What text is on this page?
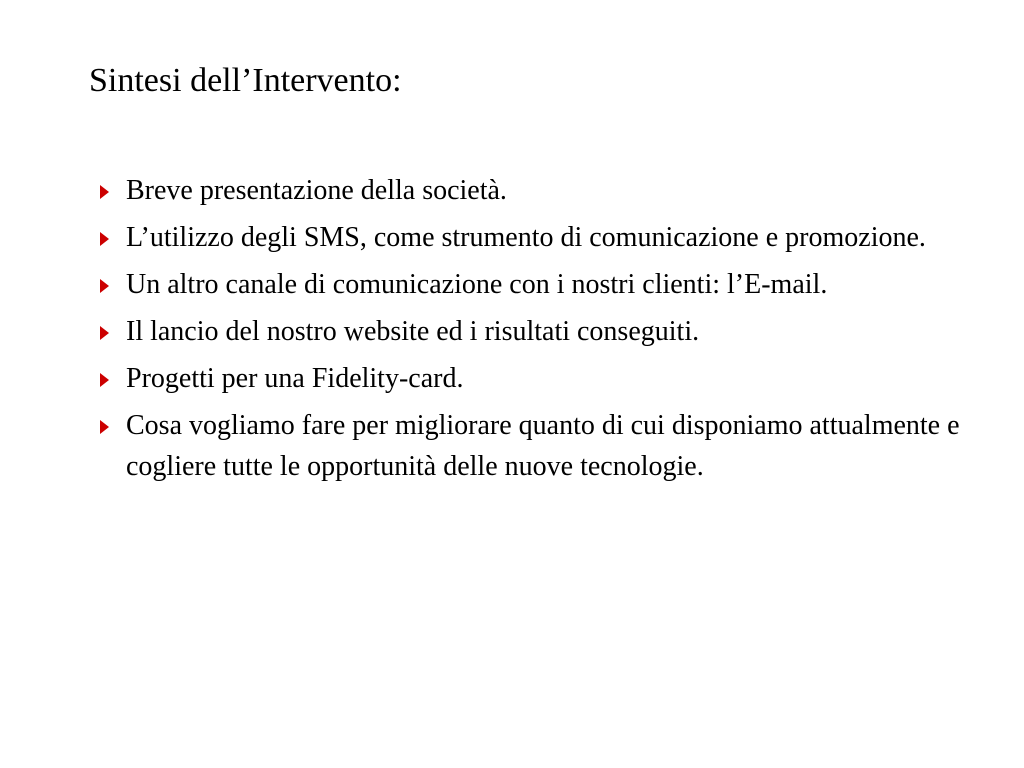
Sintesi dell’Intervento:
Breve presentazione della società.
L’utilizzo degli SMS, come strumento di comunicazione e promozione.
Un altro canale di comunicazione con i nostri clienti: l’E-mail.
Il lancio del nostro website ed i risultati conseguiti.
Progetti per una Fidelity-card.
Cosa vogliamo fare per migliorare quanto di cui disponiamo attualmente e cogliere tutte le opportunità delle nuove tecnologie.
